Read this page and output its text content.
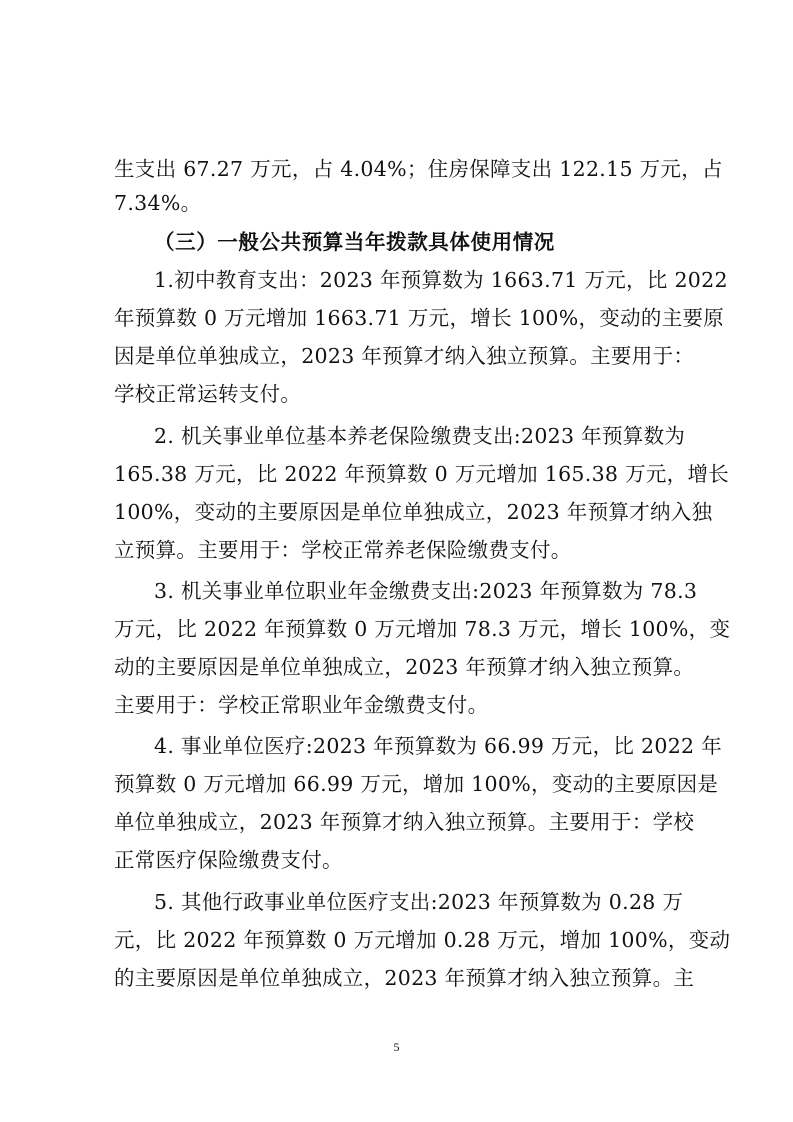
生支出 67.27 万元，占 4.04%；住房保障支出 122.15 万元，占
7.34%。
（三）一般公共预算当年拨款具体使用情况
1.初中教育支出：2023 年预算数为 1663.71 万元，比 2022
年预算数 0 万元增加 1663.71 万元，增长 100%，变动的主要原
因是单位单独成立，2023 年预算才纳入独立预算。主要用于：
学校正常运转支付。
2. 机关事业单位基本养老保险缴费支出:2023 年预算数为
165.38 万元，比 2022 年预算数 0 万元增加 165.38 万元，增长
100%，变动的主要原因是单位单独成立，2023 年预算才纳入独
立预算。主要用于：学校正常养老保险缴费支付。
3. 机关事业单位职业年金缴费支出:2023 年预算数为 78.3
万元，比 2022 年预算数 0 万元增加 78.3 万元，增长 100%，变
动的主要原因是单位单独成立，2023 年预算才纳入独立预算。
主要用于：学校正常职业年金缴费支付。
4. 事业单位医疗:2023 年预算数为 66.99 万元，比 2022 年
预算数 0 万元增加 66.99 万元，增加 100%，变动的主要原因是
单位单独成立，2023 年预算才纳入独立预算。主要用于：学校
正常医疗保险缴费支付。
5. 其他行政事业单位医疗支出:2023 年预算数为 0.28 万
元，比 2022 年预算数 0 万元增加 0.28 万元，增加 100%，变动
的主要原因是单位单独成立，2023 年预算才纳入独立预算。主
5
